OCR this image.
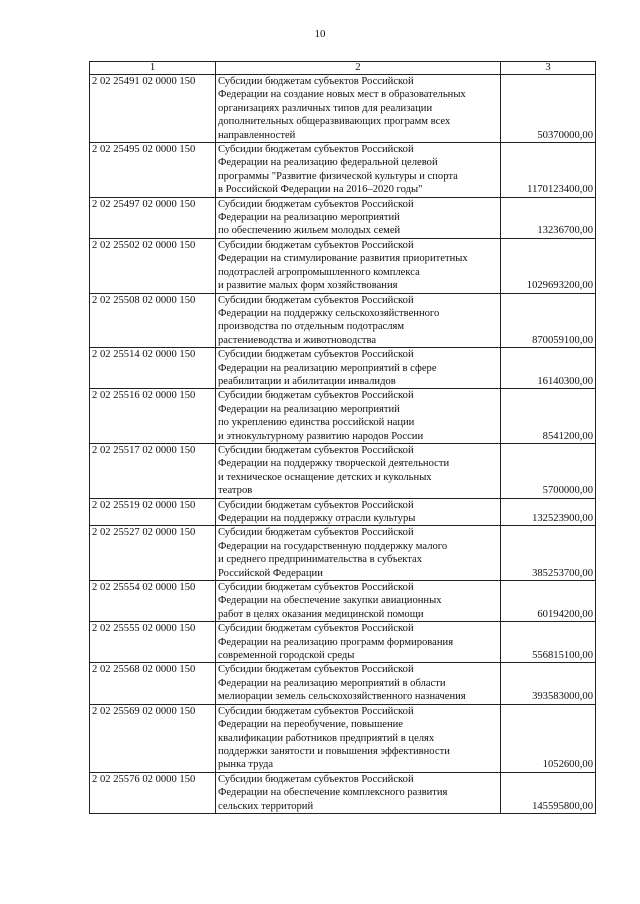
10
1	2	3
2 02 25491 02 0000 150	Субсидии бюджетам субъектов Российской
Федерации на создание новых мест в образовательных
организациях различных типов для реализации
дополнительных общеразвивающих программ всех
направленностей	50370000,00
2 02 25495 02 0000 150	Субсидии бюджетам субъектов Российской
Федерации на реализацию федеральной целевой
программы "Развитие физической культуры и спорта
в Российской Федерации на 2016–2020 годы"	1170123400,00
2 02 25497 02 0000 150	Субсидии бюджетам субъектов Российской
Федерации на реализацию мероприятий
по обеспечению жильем молодых семей	13236700,00
2 02 25502 02 0000 150	Субсидии бюджетам субъектов Российской
Федерации на стимулирование развития приоритетных
подотраслей агропромышленного комплекса
и развитие малых форм хозяйствования	1029693200,00
2 02 25508 02 0000 150	Субсидии бюджетам субъектов Российской
Федерации на поддержку сельскохозяйственного
производства по отдельным подотраслям
растениеводства и животноводства	870059100,00
2 02 25514 02 0000 150	Субсидии бюджетам субъектов Российской
Федерации на реализацию мероприятий в сфере
реабилитации и абилитации инвалидов	16140300,00
2 02 25516 02 0000 150	Субсидии бюджетам субъектов Российской
Федерации на реализацию мероприятий
по укреплению единства российской нации
и этнокультурному развитию народов России	8541200,00
2 02 25517 02 0000 150	Субсидии бюджетам субъектов Российской
Федерации на поддержку творческой деятельности
и техническое оснащение детских и кукольных
театров	5700000,00
2 02 25519 02 0000 150	Субсидии бюджетам субъектов Российской
Федерации на поддержку отрасли культуры	132523900,00
2 02 25527 02 0000 150	Субсидии бюджетам субъектов Российской
Федерации на государственную поддержку малого
и среднего предпринимательства в субъектах
Российской Федерации	385253700,00
2 02 25554 02 0000 150	Субсидии бюджетам субъектов Российской
Федерации на обеспечение закупки авиационных
работ в целях оказания медицинской помощи	60194200,00
2 02 25555 02 0000 150	Субсидии бюджетам субъектов Российской
Федерации на реализацию программ формирования
современной городской среды	556815100,00
2 02 25568 02 0000 150	Субсидии бюджетам субъектов Российской
Федерации на реализацию мероприятий в области
мелиорации земель сельскохозяйственного назначения	393583000,00
2 02 25569 02 0000 150	Субсидии бюджетам субъектов Российской
Федерации на переобучение, повышение
квалификации работников предприятий в целях
поддержки занятости и повышения эффективности
рынка труда	1052600,00
2 02 25576 02 0000 150	Субсидии бюджетам субъектов Российской
Федерации на обеспечение комплексного развития
сельских территорий	145595800,00
